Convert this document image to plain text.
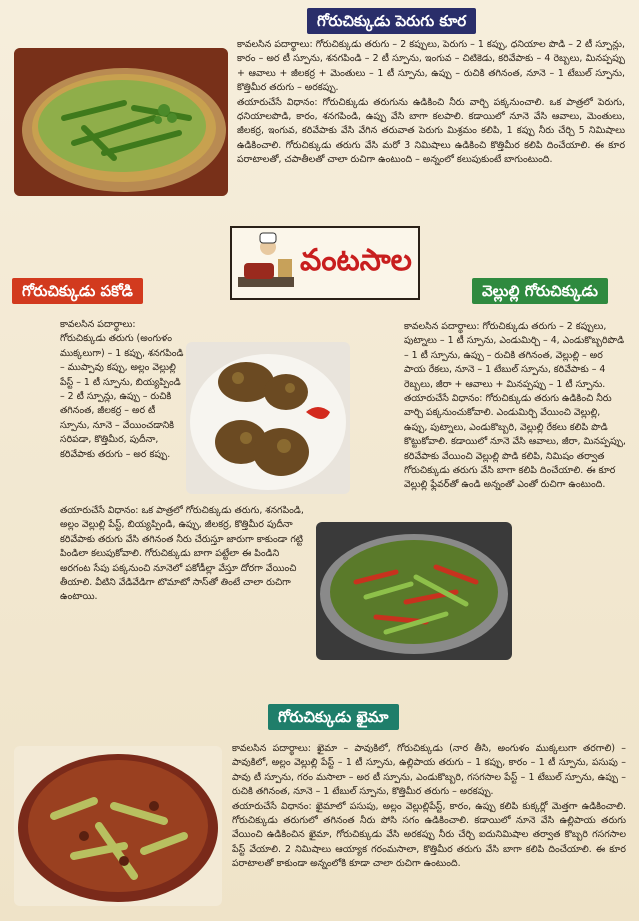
గోరుచిక్కుడు పెరుగు కూర

కావలసిన పదార్థాలు: గోరుచిక్కుడు తరుగు – 2 కప్పులు, పెరుగు – 1 కప్పు, ధనియాల పొడి – 2 టీ స్పూన్లు, కారం – అర టీ స్పూను, శనగపిండి – 2 టీ స్పూను, ఇంగువ – చిటికెడు, కరివేపాకు – 4 రెబ్బలు, మినప్పప్పు + ఆవాలు + జీలకర్ర + మెంతులు – 1 టీ స్పూను, ఉప్పు – రుచికి తగినంత, నూనె – 1 టేబుల్ స్పూను, కొత్తిమీర తరుగు – అరకప్పు.

తయారుచేసే విధానం: గోరుచిక్కుడు తరుగును ఉడికించి నీరు వార్చి పక్కనుంచాలి. ఒక పాత్రలో పెరుగు, ధనియాలపొడి, కారం, శనగపిండి, ఉప్పు వేసి బాగా కలపాలి. కడాయిలో నూనె వేసి ఆవాలు, మెంతులు, జీలకర్ర, ఇంగువ, కరివేపాకు వేసి వేగిన తరువాత పెరుగు మిశ్రమం కలిపి, 1 కప్పు నీరు చేర్చి 5 నిమిషాలు ఉడికించాలి. గోరుచిక్కుడు తరుగు వేసి మరో 3 నిమిషాలు ఉడికించి కొత్తిమీర కలిపి దించేయాలి. ఈ కూర పరాటాలతో, చపాతీలతో చాలా రుచిగా ఉంటుంది – అన్నంలో కలుపుకుంటే బాగుంటుంది.

వంటసాల
గోరుచిక్కుడు పకోడి

కావలసిన పదార్థాలు:

గోరుచిక్కుడు తరుగు (అంగుళం ముక్కలుగా) – 1 కప్పు, శనగపిండి – ముప్పావు కప్పు, అల్లం వెల్లుల్లి పేస్ట్ – 1 టీ స్పూను, బియ్యప్పిండి – 2 టీ స్పూన్లు, ఉప్పు – రుచికి తగినంత, జీలకర్ర – అర టీ స్పూను, నూనె – వేయించడానికి సరిపడా, కొత్తిమీర, పుదీనా, కరివేపాకు తరుగు – అర కప్పు.

తయారుచేసే విధానం: ఒక పాత్రలో గోరుచిక్కుడు తరుగు, శనగపిండి, అల్లం వెల్లుల్లి పేస్ట్, బియ్యప్పిండి, ఉప్పు, జీలకర్ర, కొత్తిమీర పుదీనా కరివేపాకు తరుగు వేసి తగినంత నీరు చేరుస్తూ జారుగా కాకుండా గట్టి పిండిలా కలుపుకోవాలి. గోరుచిక్కుడు బాగా పట్టేలా ఈ పిండిని అరగంట సేపు పక్కనుంచి నూనెలో పకోడీల్లా వేస్తూ దోరగా వేయించి తీయాలి. వీటిని వేడివేడిగా టొమాటో సాస్‌తో తింటే చాలా రుచిగా ఉంటాయి.
వెల్లుల్లి గోరుచిక్కుడు

కావలసిన పదార్థాలు: గోరుచిక్కుడు తరుగు – 2 కప్పులు, పుట్నాలు – 1 టీ స్పూను, ఎండుమిర్చి – 4, ఎండుకొబ్బరిపొడి – 1 టీ స్పూను, ఉప్పు – రుచికి తగినంత, వెల్లుల్లి – అర పాయ రేకలు, నూనె – 1 టేబుల్ స్పూను, కరివేపాకు – 4 రెబ్బలు, జీరా + ఆవాలు + మినప్పప్పు – 1 టీ స్పూను.

తయారుచేసే విధానం: గోరుచిక్కుడు తరుగు ఉడికించి నీరు వార్చి పక్కనుంచుకోవాలి. ఎండుమిర్చి వేయించి వెల్లుల్లి, ఉప్పు, పుట్నాలు, ఎండుకొబ్బరి, వెల్లుల్లి రేకలు కలిపి పొడి కొట్టుకోవాలి. కడాయిలో నూనె వేసి ఆవాలు, జీరా, మినప్పప్పు, కరివేపాకు వేయించి వెల్లుల్లి పొడి కలిపి, నిమిషం తర్వాత గోరుచిక్కుడు తరుగు వేసి బాగా కలిపి దించేయాలి. ఈ కూర వెల్లుల్లి ఫ్లేవర్‌తో ఉండి అన్నంతో ఎంతో రుచిగా ఉంటుంది.

గోరుచిక్కుడు ఖైమా

కావలసిన పదార్థాలు: ఖైమా – పావుకిలో, గోరుచిక్కుడు (నార తీసి, అంగుళం ముక్కలుగా తరగాలి) – పావుకిలో, అల్లం వెల్లుల్లి పేస్ట్ – 1 టీ స్పూను, ఉల్లిపాయ తరుగు – 1 కప్పు, కారం – 1 టీ స్పూను, పసుపు – పావు టీ స్పూను, గరం మసాలా – అర టీ స్పూను, ఎండుకొబ్బరి, గసగసాల పేస్ట్ – 1 టేబుల్ స్పూను, ఉప్పు – రుచికి తగినంత, నూనె – 1 టేబుల్ స్పూను, కొత్తిమీర తరుగు – అరకప్పు.

తయారుచేసే విధానం: ఖైమాలో పసుపు, అల్లం వెల్లుల్లిపేస్ట్, కారం, ఉప్పు కలిపి కుక్కర్లో మెత్తగా ఉడికించాలి. గోరుచిక్కుడు తరుగులో తగినంత నీరు పోసి సగం ఉడికించాలి. కడాయిలో నూనె వేసి ఉల్లిపాయ తరుగు వేయించి ఉడికించిన ఖైమా, గోరుచిక్కుడు వేసి అరకప్పు నీరు చేర్చి ఐదునిమిషాల తర్వాత కొబ్బరి గసగసాల పేస్ట్ వేయాలి. 2 నిమిషాలు ఆయ్యాక గరంమసాలా, కొత్తిమీర తరుగు వేసి బాగా కలిపి దించేయాలి. ఈ కూర పరాటాలతో కాకుండా అన్నంలోకి కూడా చాలా రుచిగా ఉంటుంది.
